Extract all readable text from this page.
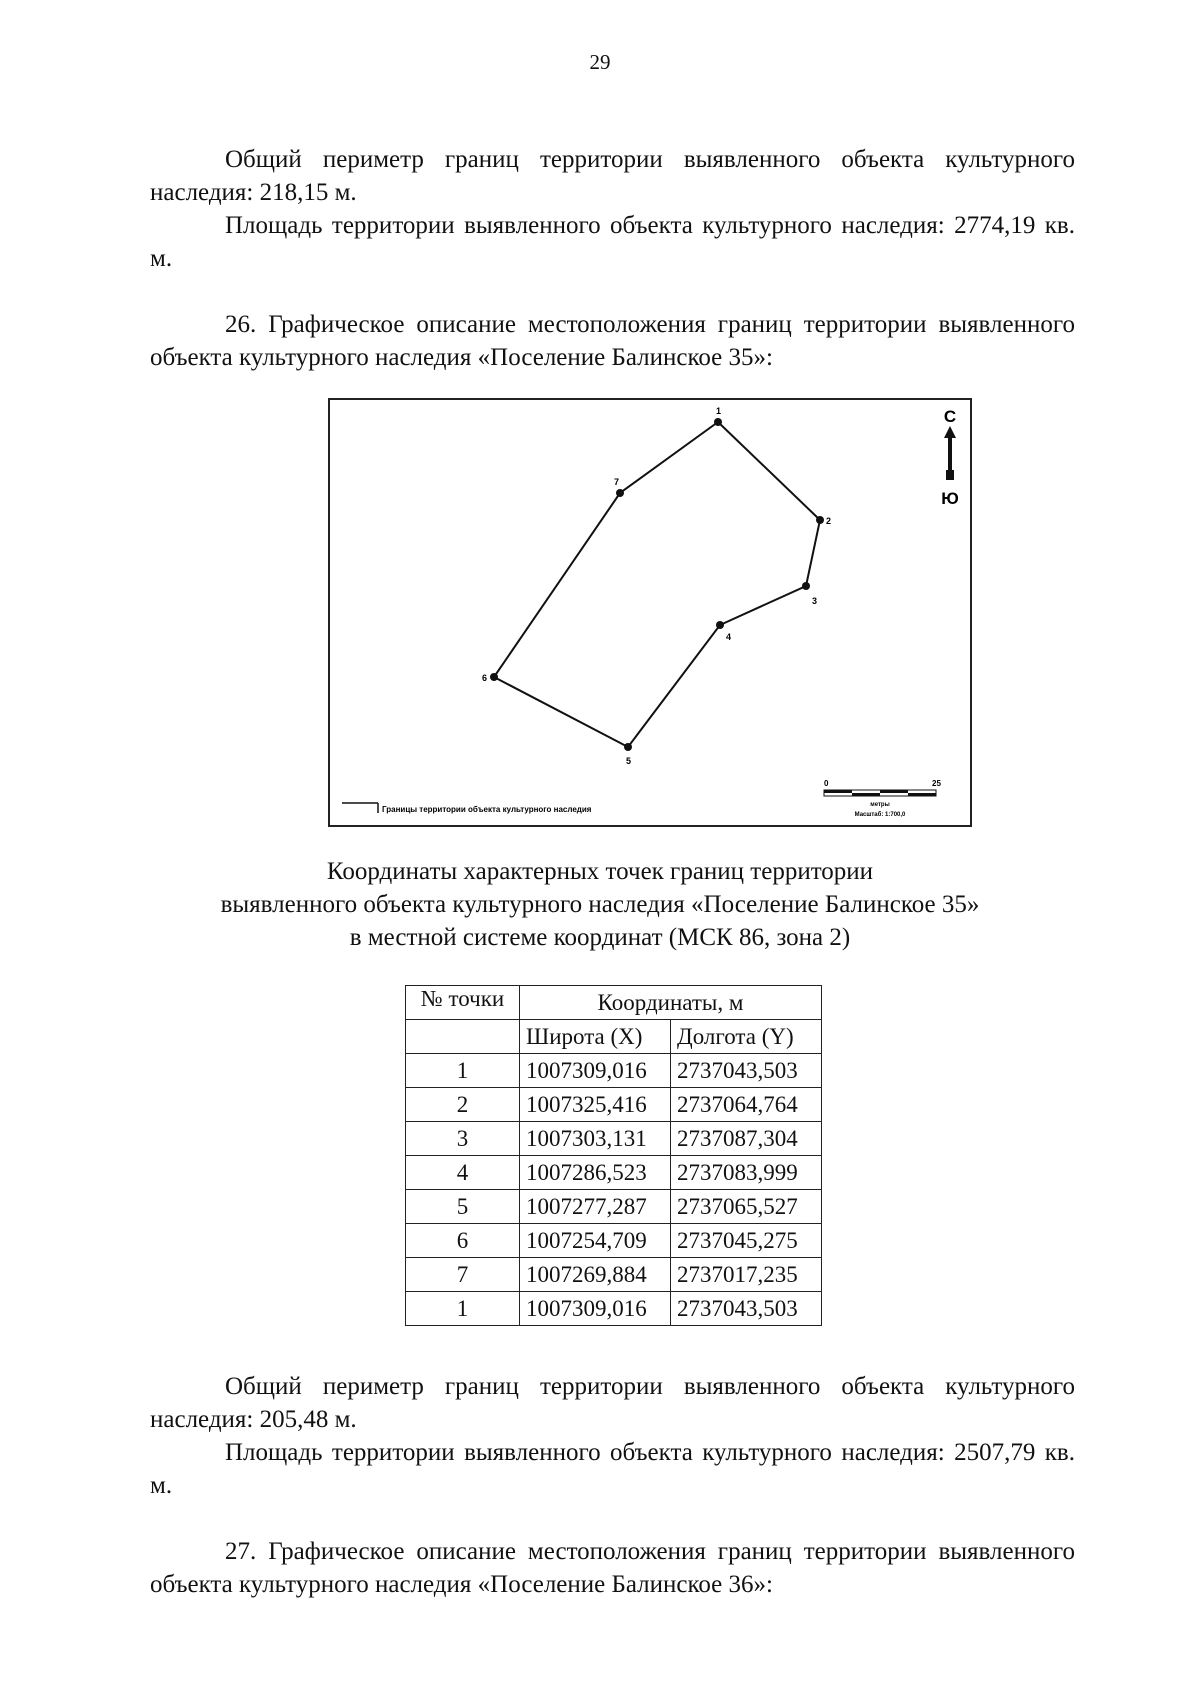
29

Общий периметр границ территории выявленного объекта культурного наследия: 218,15 м.

Площадь территории выявленного объекта культурного наследия: 2774,19 кв. м.

26. Графическое описание местоположения границ территории выявленного объекта культурного наследия «Поселение Балинское 35»:

С
Ю
1
2
3
4
5
6
7
Границы территории объекта культурного наследия
0	25
метры
Масштаб: 1:700,0
Координаты характерных точек границ территории
выявленного объекта культурного наследия «Поселение Балинское 35»
в местной системе координат (МСК 86, зона 2)
№ точки	Координаты, м	
	Широта (X)	Долгота (Y)
1	1007309,016	2737043,503
2	1007325,416	2737064,764
3	1007303,131	2737087,304
4	1007286,523	2737083,999
5	1007277,287	2737065,527
6	1007254,709	2737045,275
7	1007269,884	2737017,235
1	1007309,016	2737043,503

Общий периметр границ территории выявленного объекта культурного наследия: 205,48 м.

Площадь территории выявленного объекта культурного наследия: 2507,79 кв. м.

27. Графическое описание местоположения границ территории выявленного объекта культурного наследия «Поселение Балинское 36»:
